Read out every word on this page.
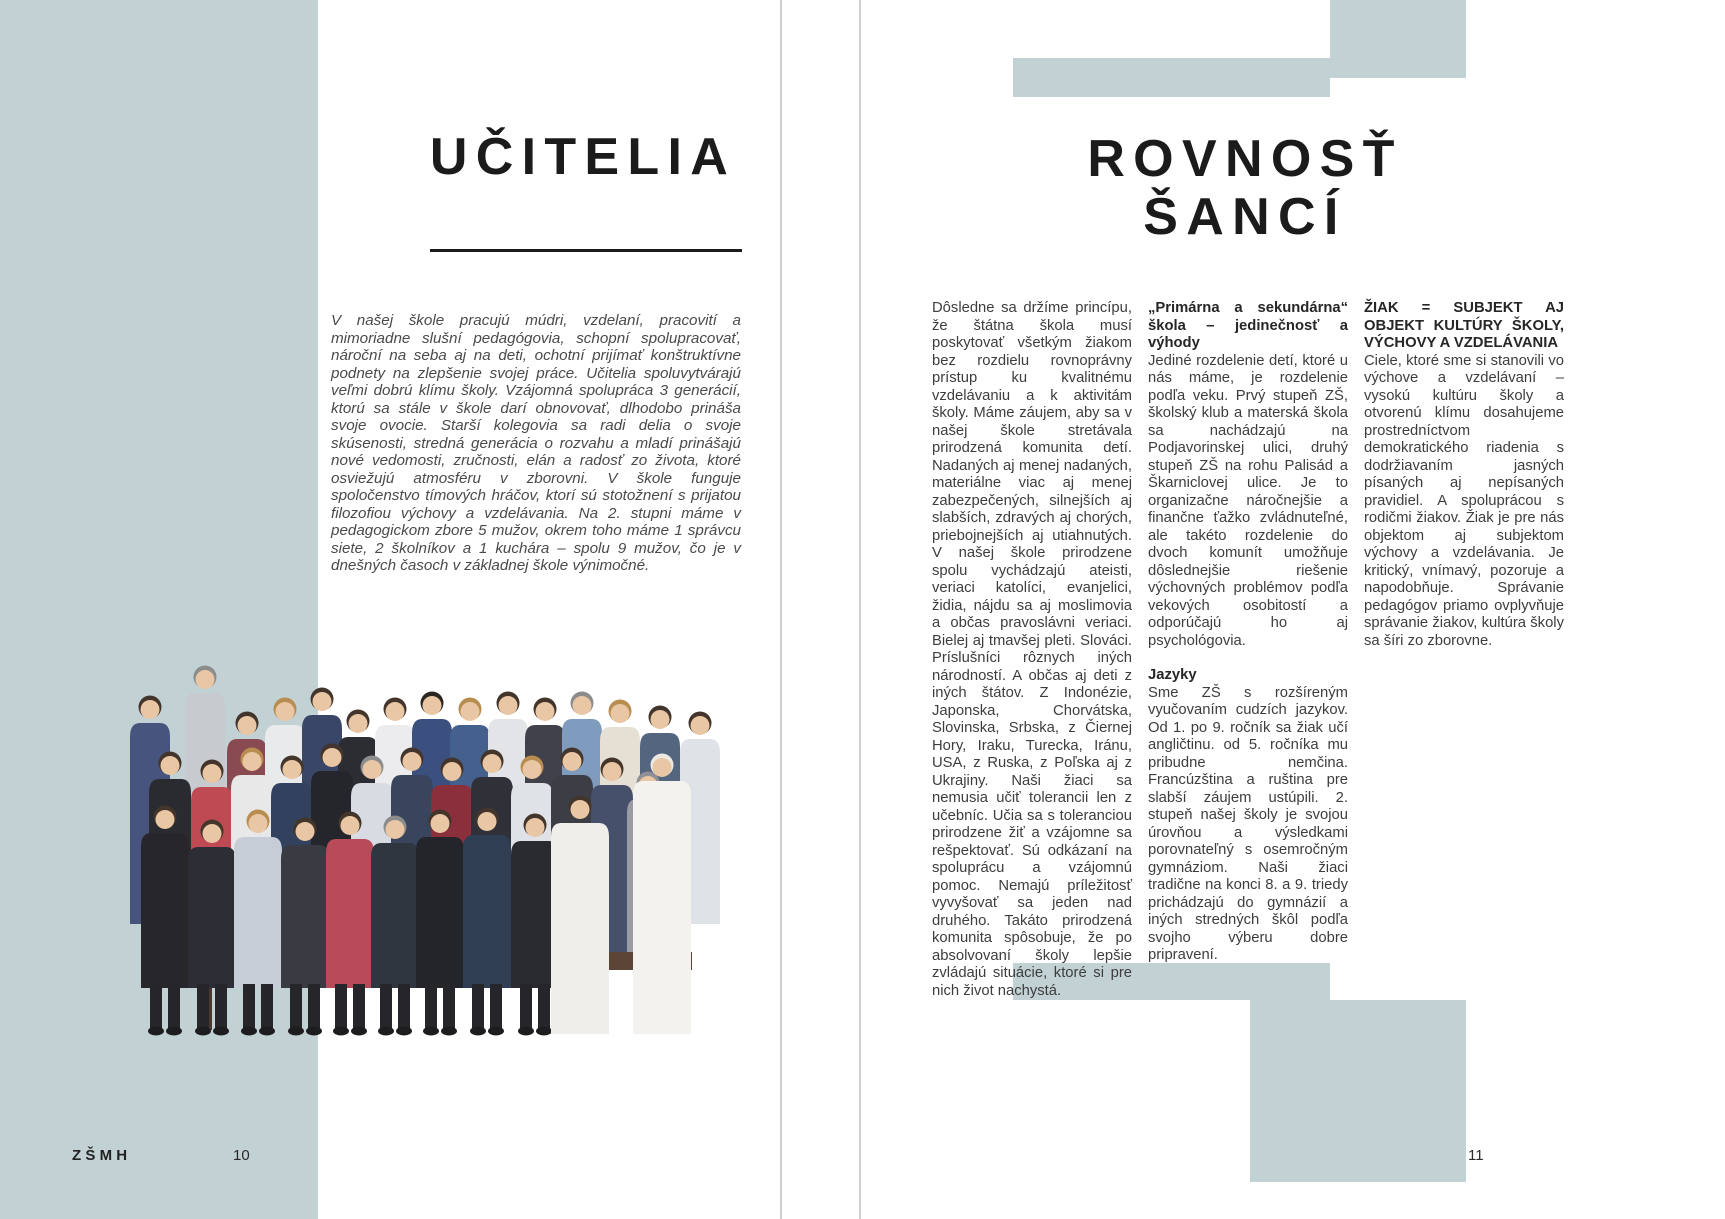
UČITELIA

V našej škole pracujú múdri, vzdelaní, pracovití a mimoriadne slušní pedagógovia, schopní spolupracovať, nároční na seba aj na deti, ochotní prijímať konštruktívne podnety na zlepšenie svojej práce. Učitelia spoluvytvárajú veľmi dobrú klímu školy. Vzájomná spolupráca 3 generácií, ktorú sa stále v škole darí obnovovať, dlhodobo prináša svoje ovocie. Starší kolegovia sa radi delia o svoje skúsenosti, stredná generácia o rozvahu a mladí prinášajú nové vedomosti, zručnosti, elán a radosť zo života, ktoré osviežujú atmosféru v zborovni. V škole funguje spoločenstvo tímových hráčov, ktorí sú stotožnení s prijatou filozofiou výchovy a vzdelávania. Na 2. stupni máme v pedagogickom zbore 5 mužov, okrem toho máme 1 správcu siete, 2 školníkov a 1 kuchára – spolu 9 mužov, čo je v dnešných časoch v základnej škole výnimočné.

ZŠMH	10
ROVNOSŤ
ŠANCÍ
Dôsledne sa držíme princípu, že štátna škola musí poskytovať všetkým žiakom bez rozdielu rovnoprávny prístup ku kvalitnému vzdelávaniu a k aktivitám školy. Máme záujem, aby sa v našej škole stretávala prirodzená komunita detí. Nadaných aj menej nadaných, materiálne viac aj menej zabezpečených, silnejších aj slabších, zdravých aj chorých, priebojnejších aj utiahnutých. V našej škole prirodzene spolu vychádzajú ateisti, veriaci katolíci, evanjelici, židia, nájdu sa aj moslimovia a občas pravoslávni veriaci. Bielej aj tmavšej pleti. Slováci. Príslušníci rôznych iných národností. A občas aj deti z iných štátov. Z Indonézie, Japonska, Chorvátska, Slovinska, Srbska, z Čiernej Hory, Iraku, Turecka, Iránu, USA, z Ruska, z Poľska aj z Ukrajiny. Naši žiaci sa nemusia učiť tolerancii len z učebníc. Učia sa s toleranciou prirodzene žiť a vzájomne sa rešpektovať. Sú odkázaní na spoluprácu a vzájomnú pomoc. Nemajú príležitosť vyvyšovať sa jeden nad druhého. Takáto prirodzená komunita spôsobuje, že po absolvovaní školy lepšie zvládajú situácie, ktoré si pre nich život nachystá.
„Primárna a sekundárna“ škola – jedinečnosť a výhody
Jediné rozdelenie detí, ktoré u nás máme, je rozdelenie podľa veku. Prvý stupeň ZŠ, školský klub a materská škola sa nachádzajú na Podjavorinskej ulici, druhý stupeň ZŠ na rohu Palisád a Škarniclovej ulice. Je to organizačne náročnejšie a finančne ťažko zvládnuteľné, ale takéto rozdelenie do dvoch komunít umožňuje dôslednejšie riešenie výchovných problémov podľa vekových osobitostí a odporúčajú ho aj psychológovia.
Jazyky
Sme ZŠ s rozšíreným vyučovaním cudzích jazykov. Od 1. po 9. ročník sa žiak učí angličtinu. od 5. ročníka mu pribudne nemčina. Francúzština a ruština pre slabší záujem ustúpili. 2. stupeň našej školy je svojou úrovňou a výsledkami porovnateľný s osemročným gymnáziom. Naši žiaci tradične na konci 8. a 9. triedy prichádzajú do gymnázií a iných stredných škôl podľa svojho výberu dobre pripravení.
ŽIAK = SUBJEKT AJ OBJEKT KULTÚRY ŠKOLY, VÝCHOVY A VZDELÁVANIA
Ciele, ktoré sme si stanovili vo výchove a vzdelávaní – vysokú kultúru školy a otvorenú klímu dosahujeme prostredníctvom demokratického riadenia s dodržiavaním jasných písaných aj nepísaných pravidiel. A spoluprácou s rodičmi žiakov. Žiak je pre nás objektom aj subjektom výchovy a vzdelávania. Je kritický, vnímavý, pozoruje a napodobňuje. Správanie pedagógov priamo ovplyvňuje správanie žiakov, kultúra školy sa šíri zo zborovne.
11
